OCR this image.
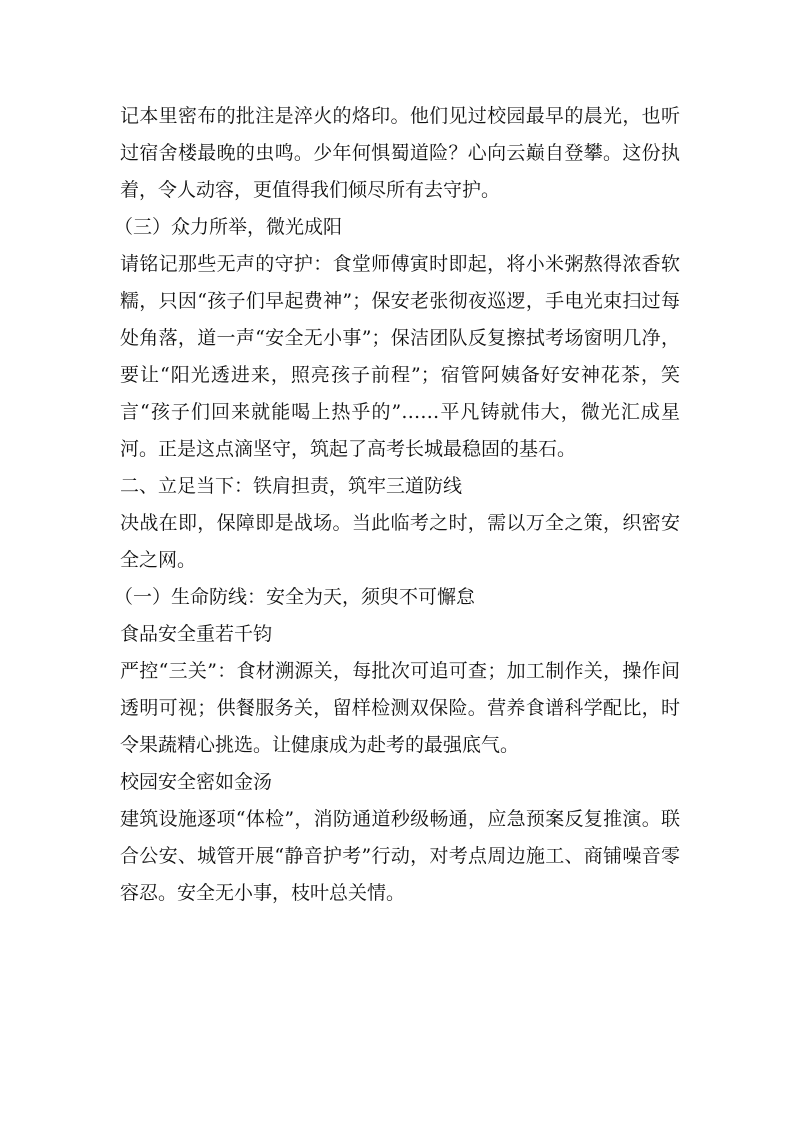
记本里密布的批注是淬火的烙印。他们见过校园最早的晨光，也听过宿舍楼最晚的虫鸣。少年何惧蜀道险？心向云巅自登攀。这份执着，令人动容，更值得我们倾尽所有去守护。

（三）众力所举，微光成阳

请铭记那些无声的守护：食堂师傅寅时即起，将小米粥熬得浓香软糯，只因“孩子们早起费神”；保安老张彻夜巡逻，手电光束扫过每处角落，道一声“安全无小事”；保洁团队反复擦拭考场窗明几净，要让“阳光透进来，照亮孩子前程”；宿管阿姨备好安神花茶，笑言“孩子们回来就能喝上热乎的”……平凡铸就伟大，微光汇成星河。正是这点滴坚守，筑起了高考长城最稳固的基石。

二、立足当下：铁肩担责，筑牢三道防线

决战在即，保障即是战场。当此临考之时，需以万全之策，织密安全之网。

（一）生命防线：安全为天，须臾不可懈怠

食品安全重若千钧

严控“三关”：食材溯源关，每批次可追可查；加工制作关，操作间透明可视；供餐服务关，留样检测双保险。营养食谱科学配比，时令果蔬精心挑选。让健康成为赴考的最强底气。

校园安全密如金汤

建筑设施逐项“体检”，消防通道秒级畅通，应急预案反复推演。联合公安、城管开展“静音护考”行动，对考点周边施工、商铺噪音零容忍。安全无小事，枝叶总关情。
